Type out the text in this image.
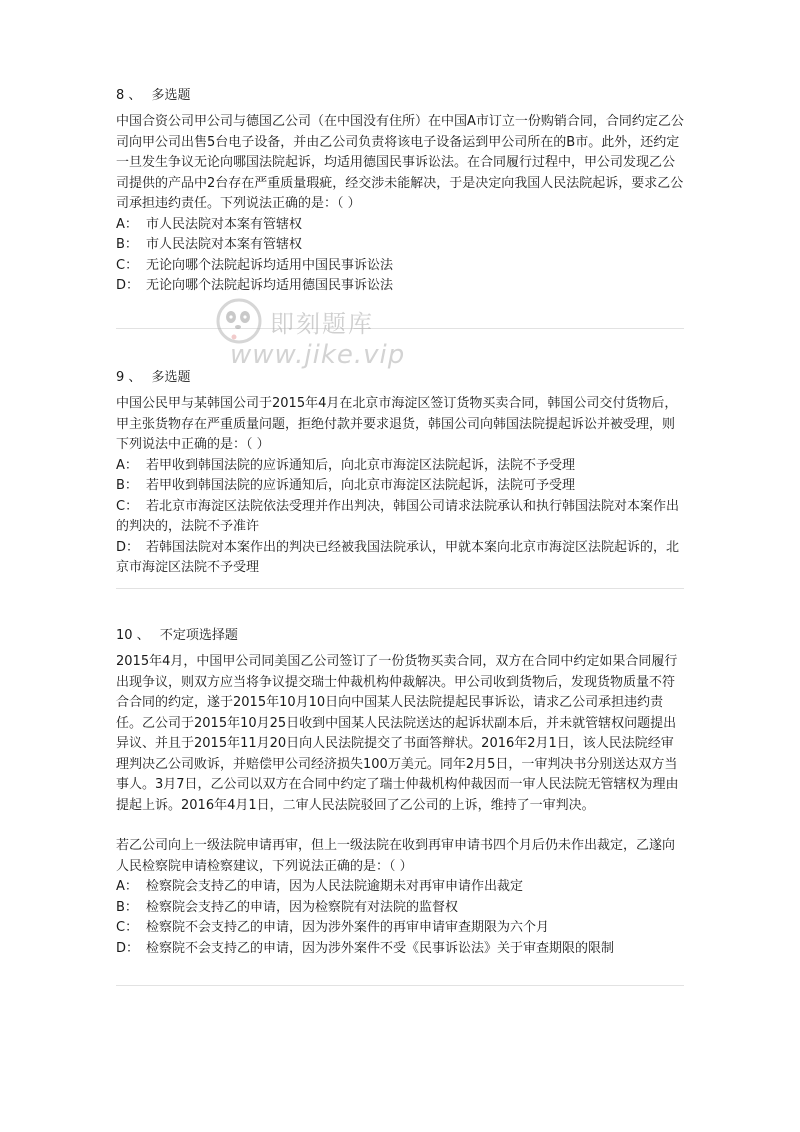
8 、 多选题

中国合资公司甲公司与德国乙公司（在中国没有住所）在中国A市订立一份购销合同，合同约定乙公司向甲公司出售5台电子设备，并由乙公司负责将该电子设备运到甲公司所在的B市。此外，还约定一旦发生争议无论向哪国法院起诉，均适用德国民事诉讼法。在合同履行过程中，甲公司发现乙公司提供的产品中2台存在严重质量瑕疵，经交涉未能解决，于是决定向我国人民法院起诉，要求乙公司承担违约责任。下列说法正确的是：（ ）

A： 市人民法院对本案有管辖权
B： 市人民法院对本案有管辖权
C： 无论向哪个法院起诉均适用中国民事诉讼法
D： 无论向哪个法院起诉均适用德国民事诉讼法
9 、 多选题

中国公民甲与某韩国公司于2015年4月在北京市海淀区签订货物买卖合同，韩国公司交付货物后，甲主张货物存在严重质量问题，拒绝付款并要求退货，韩国公司向韩国法院提起诉讼并被受理，则下列说法中正确的是：（ ）

A： 若甲收到韩国法院的应诉通知后，向北京市海淀区法院起诉，法院不予受理
B： 若甲收到韩国法院的应诉通知后，向北京市海淀区法院起诉，法院可予受理
C： 若北京市海淀区法院依法受理并作出判决，韩国公司请求法院承认和执行韩国法院对本案作出的判决的，法院不予准许
D： 若韩国法院对本案作出的判决已经被我国法院承认，甲就本案向北京市海淀区法院起诉的，北京市海淀区法院不予受理
10 、 不定项选择题

2015年4月，中国甲公司同美国乙公司签订了一份货物买卖合同，双方在合同中约定如果合同履行出现争议，则双方应当将争议提交瑞士仲裁机构仲裁解决。甲公司收到货物后，发现货物质量不符合合同的约定，遂于2015年10月10日向中国某人民法院提起民事诉讼，请求乙公司承担违约责任。乙公司于2015年10月25日收到中国某人民法院送达的起诉状副本后，并未就管辖权问题提出异议、并且于2015年11月20日向人民法院提交了书面答辩状。2016年2月1日，该人民法院经审理判决乙公司败诉，并赔偿甲公司经济损失100万美元。同年2月5日，一审判决书分别送达双方当事人。3月7日，乙公司以双方在合同中约定了瑞士仲裁机构仲裁因而一审人民法院无管辖权为理由提起上诉。2016年4月1日，二审人民法院驳回了乙公司的上诉，维持了一审判决。

若乙公司向上一级法院申请再审，但上一级法院在收到再审申请书四个月后仍未作出裁定，乙遂向人民检察院申请检察建议，下列说法正确的是：（ ）

A： 检察院会支持乙的申请，因为人民法院逾期未对再审申请作出裁定
B： 检察院会支持乙的申请，因为检察院有对法院的监督权
C： 检察院不会支持乙的申请，因为涉外案件的再审申请审查期限为六个月
D： 检察院不会支持乙的申请，因为涉外案件不受《民事诉讼法》关于审查期限的限制
即刻题库
www.jike.vip
